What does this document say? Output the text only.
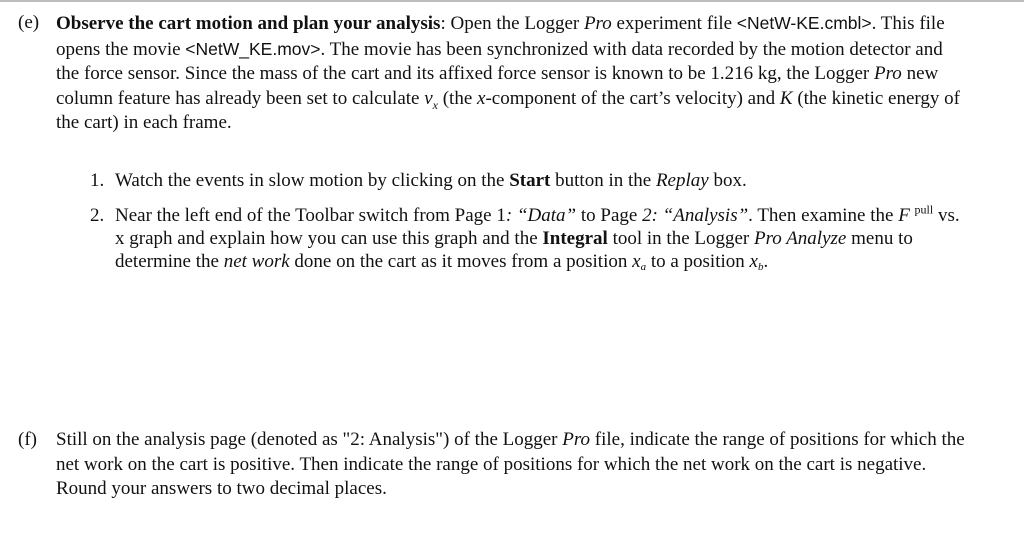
(e) Observe the cart motion and plan your analysis: Open the Logger Pro experiment file <NetW-KE.cmbl>. This file opens the movie <NetW_KE.mov>. The movie has been synchronized with data recorded by the motion detector and the force sensor. Since the mass of the cart and its affixed force sensor is known to be 1.216 kg, the Logger Pro new column feature has already been set to calculate $v_x$ (the x-component of the cart’s velocity) and K (the kinetic energy of the cart) in each frame.
1. Watch the events in slow motion by clicking on the Start button in the Replay box.
2. Near the left end of the Toolbar switch from Page 1: “Data” to Page 2: “Analysis”. Then examine the F $^{pull}$ vs. x graph and explain how you can use this graph and the Integral tool in the Logger Pro Analyze menu to determine the net work done on the cart as it moves from a position xa to a position xb.
(f) Still on the analysis page (denoted as "2: Analysis") of the Logger Pro file, indicate the range of positions for which the net work on the cart is positive. Then indicate the range of positions for which the net work on the cart is negative. Round your answers to two decimal places.
